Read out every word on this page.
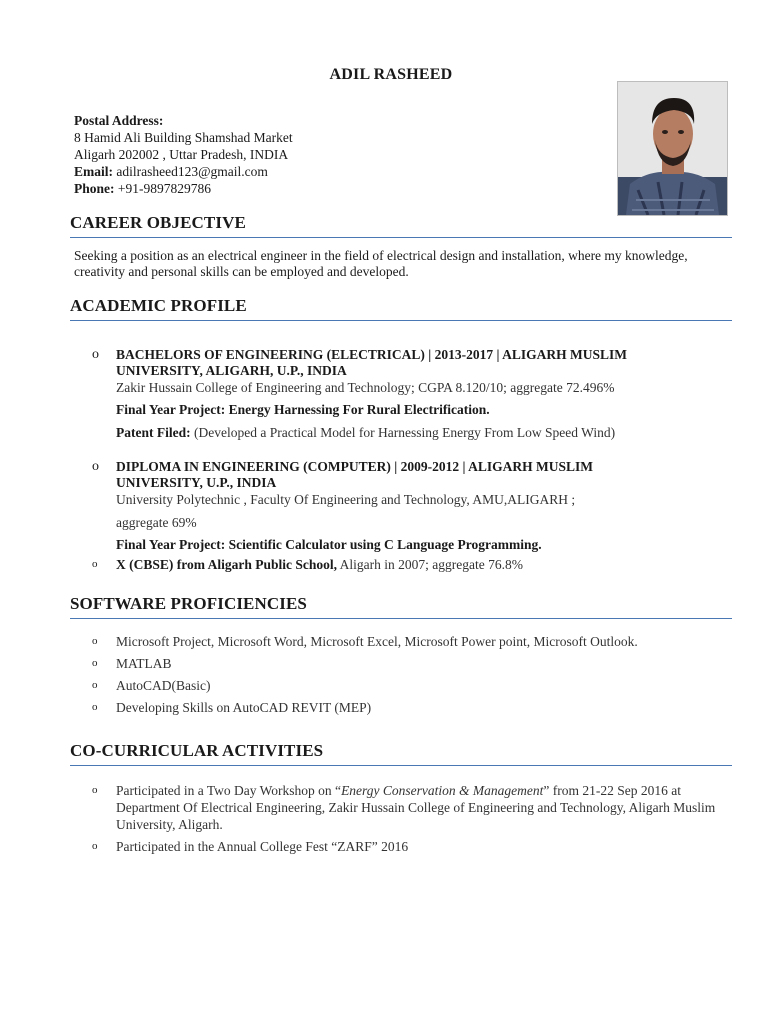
ADIL RASHEED
Postal Address:
8 Hamid Ali Building Shamshad Market
Aligarh 202002 , Uttar Pradesh, INDIA
Email: adilrasheed123@gmail.com
Phone: +91-9897829786
CAREER OBJECTIVE
Seeking a position as an electrical engineer in the field of electrical design and installation, where my knowledge, creativity and personal skills can be employed and developed.
ACADEMIC PROFILE
o BACHELORS OF ENGINEERING (ELECTRICAL) | 2013-2017 | ALIGARH MUSLIM
UNIVERSITY, ALIGARH, U.P., INDIA
Zakir Hussain College of Engineering and Technology; CGPA 8.120/10; aggregate 72.496%
Final Year Project: Energy Harnessing For Rural Electrification.
Patent Filed: (Developed a Practical Model for Harnessing Energy From Low Speed Wind)
o DIPLOMA IN ENGINEERING (COMPUTER) | 2009-2012 | ALIGARH MUSLIM
UNIVERSITY, U.P., INDIA
University Polytechnic , Faculty Of Engineering and Technology, AMU,ALIGARH ;
aggregate 69%
Final Year Project: Scientific Calculator using C Language Programming.
o X (CBSE) from Aligarh Public School, Aligarh in 2007; aggregate 76.8%
SOFTWARE PROFICIENCIES
o Microsoft Project, Microsoft Word, Microsoft Excel, Microsoft Power point, Microsoft Outlook.
o MATLAB
o AutoCAD(Basic)
o Developing Skills on AutoCAD REVIT (MEP)
CO-CURRICULAR ACTIVITIES
o Participated in a Two Day Workshop on “Energy Conservation & Management” from 21-22 Sep 2016 at Department Of Electrical Engineering, Zakir Hussain College of Engineering and Technology, Aligarh Muslim University, Aligarh.
o Participated in the Annual College Fest “ZARF” 2016
